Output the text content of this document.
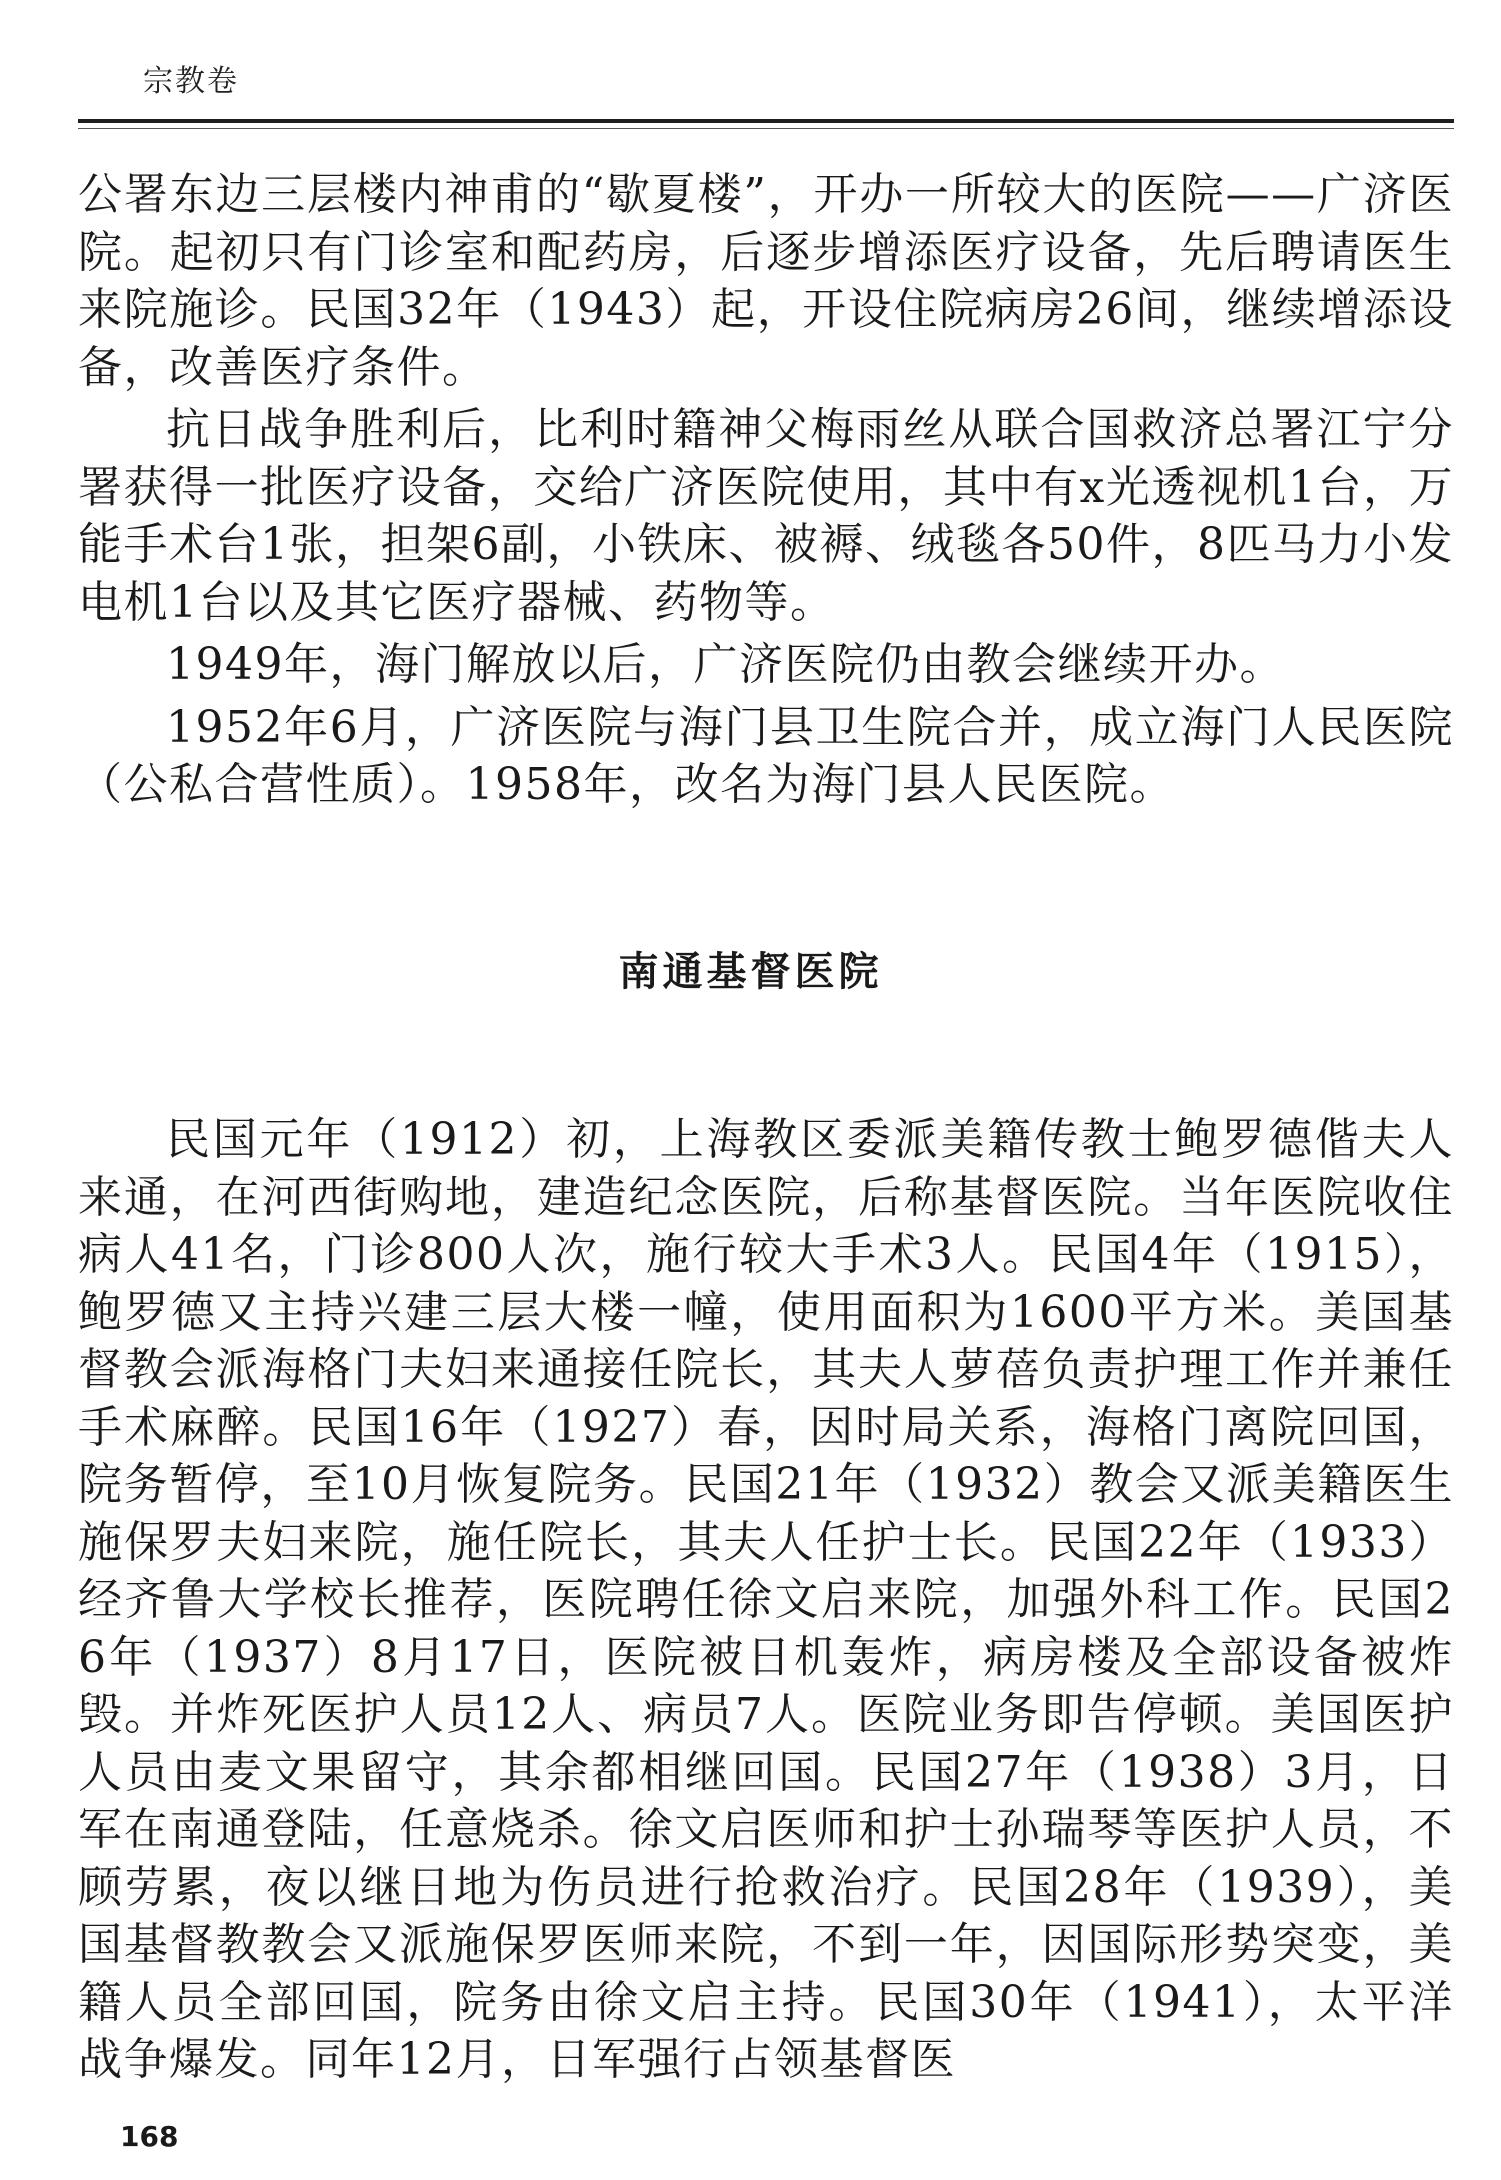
宗教卷

公署东边三层楼内神甫的“歇夏楼”，开办一所较大的医院——广济医院。起初只有门诊室和配药房，后逐步增添医疗设备，先后聘请医生来院施诊。民国32年（1943）起，开设住院病房26间，继续增添设备，改善医疗条件。

抗日战争胜利后，比利时籍神父梅雨丝从联合国救济总署江宁分署获得一批医疗设备，交给广济医院使用，其中有x光透视机1台，万能手术台1张，担架6副，小铁床、被褥、绒毯各50件，8匹马力小发电机1台以及其它医疗器械、药物等。

1949年，海门解放以后，广济医院仍由教会继续开办。

1952年6月，广济医院与海门县卫生院合并，成立海门人民医院（公私合营性质）。1958年，改名为海门县人民医院。

南通基督医院

民国元年（1912）初，上海教区委派美籍传教士鲍罗德偕夫人来通，在河西街购地，建造纪念医院，后称基督医院。当年医院收住病人41名，门诊800人次，施行较大手术3人。民国4年（1915），鲍罗德又主持兴建三层大楼一幢，使用面积为1600平方米。美国基督教会派海格门夫妇来通接任院长，其夫人萝蓓负责护理工作并兼任手术麻醉。民国16年（1927）春，因时局关系，海格门离院回国，院务暂停，至10月恢复院务。民国21年（1932）教会又派美籍医生施保罗夫妇来院，施任院长，其夫人任护士长。民国22年（1933）经齐鲁大学校长推荐，医院聘任徐文启来院，加强外科工作。民国26年（1937）8月17日，医院被日机轰炸，病房楼及全部设备被炸毁。并炸死医护人员12人、病员7人。医院业务即告停顿。美国医护人员由麦文果留守，其余都相继回国。民国27年（1938）3月，日军在南通登陆，任意烧杀。徐文启医师和护士孙瑞琴等医护人员，不顾劳累，夜以继日地为伤员进行抢救治疗。民国28年（1939），美国基督教教会又派施保罗医师来院，不到一年，因国际形势突变，美籍人员全部回国，院务由徐文启主持。民国30年（1941），太平洋战争爆发。同年12月，日军强行占领基督医

168
